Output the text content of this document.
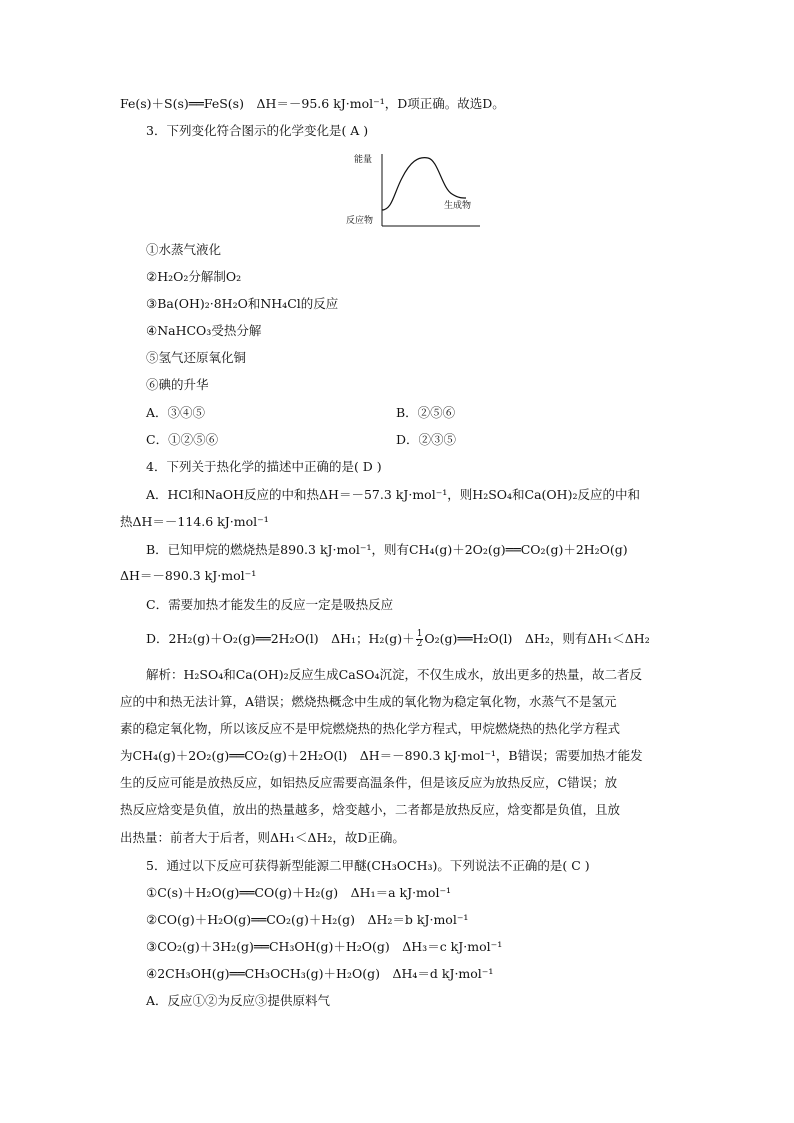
Fe(s)＋S(s)══FeS(s)　ΔH＝－95.6 kJ·mol⁻¹，D项正确。故选D。
3．下列变化符合图示的化学变化是( A )
能量
反应物
生成物
①水蒸气液化
②H₂O₂分解制O₂
③Ba(OH)₂·8H₂O和NH₄Cl的反应
④NaHCO₃受热分解
⑤氢气还原氧化铜
⑥碘的升华
A．③④⑤	B．②⑤⑥
C．①②⑤⑥	D．②③⑤
4．下列关于热化学的描述中正确的是( D )
A．HCl和NaOH反应的中和热ΔH＝－57.3 kJ·mol⁻¹，则H₂SO₄和Ca(OH)₂反应的中和
热ΔH＝－114.6 kJ·mol⁻¹
B．已知甲烷的燃烧热是890.3 kJ·mol⁻¹，则有CH₄(g)＋2O₂(g)══CO₂(g)＋2H₂O(g)
ΔH＝－890.3 kJ·mol⁻¹
C．需要加热才能发生的反应一定是吸热反应
D．2H₂(g)＋O₂(g)══2H₂O(l)　ΔH₁；$H_2(g)+ \frac{1}{2}$ O₂(g)══H₂O(l)　ΔH₂，则有ΔH₁＜ΔH₂
解析：H₂SO₄和Ca(OH)₂反应生成CaSO₄沉淀，不仅生成水，放出更多的热量，故二者反
应的中和热无法计算，A错误；燃烧热概念中生成的氧化物为稳定氧化物，水蒸气不是氢元
素的稳定氧化物，所以该反应不是甲烷燃烧热的热化学方程式，甲烷燃烧热的热化学方程式
为CH₄(g)＋2O₂(g)══CO₂(g)＋2H₂O(l)　ΔH＝－890.3 kJ·mol⁻¹，B错误；需要加热才能发
生的反应可能是放热反应，如铝热反应需要高温条件，但是该反应为放热反应，C错误；放
热反应焓变是负值，放出的热量越多，焓变越小，二者都是放热反应，焓变都是负值，且放
出热量：前者大于后者，则ΔH₁＜ΔH₂，故D正确。
5．通过以下反应可获得新型能源二甲醚(CH₃OCH₃)。下列说法不正确的是( C )
①C(s)＋H₂O(g)══CO(g)＋H₂(g)　ΔH₁＝a kJ·mol⁻¹
②CO(g)＋H₂O(g)══CO₂(g)＋H₂(g)　ΔH₂＝b kJ·mol⁻¹
③CO₂(g)＋3H₂(g)══CH₃OH(g)＋H₂O(g)　ΔH₃＝c kJ·mol⁻¹
④2CH₃OH(g)══CH₃OCH₃(g)＋H₂O(g)　ΔH₄＝d kJ·mol⁻¹
A．反应①②为反应③提供原料气
